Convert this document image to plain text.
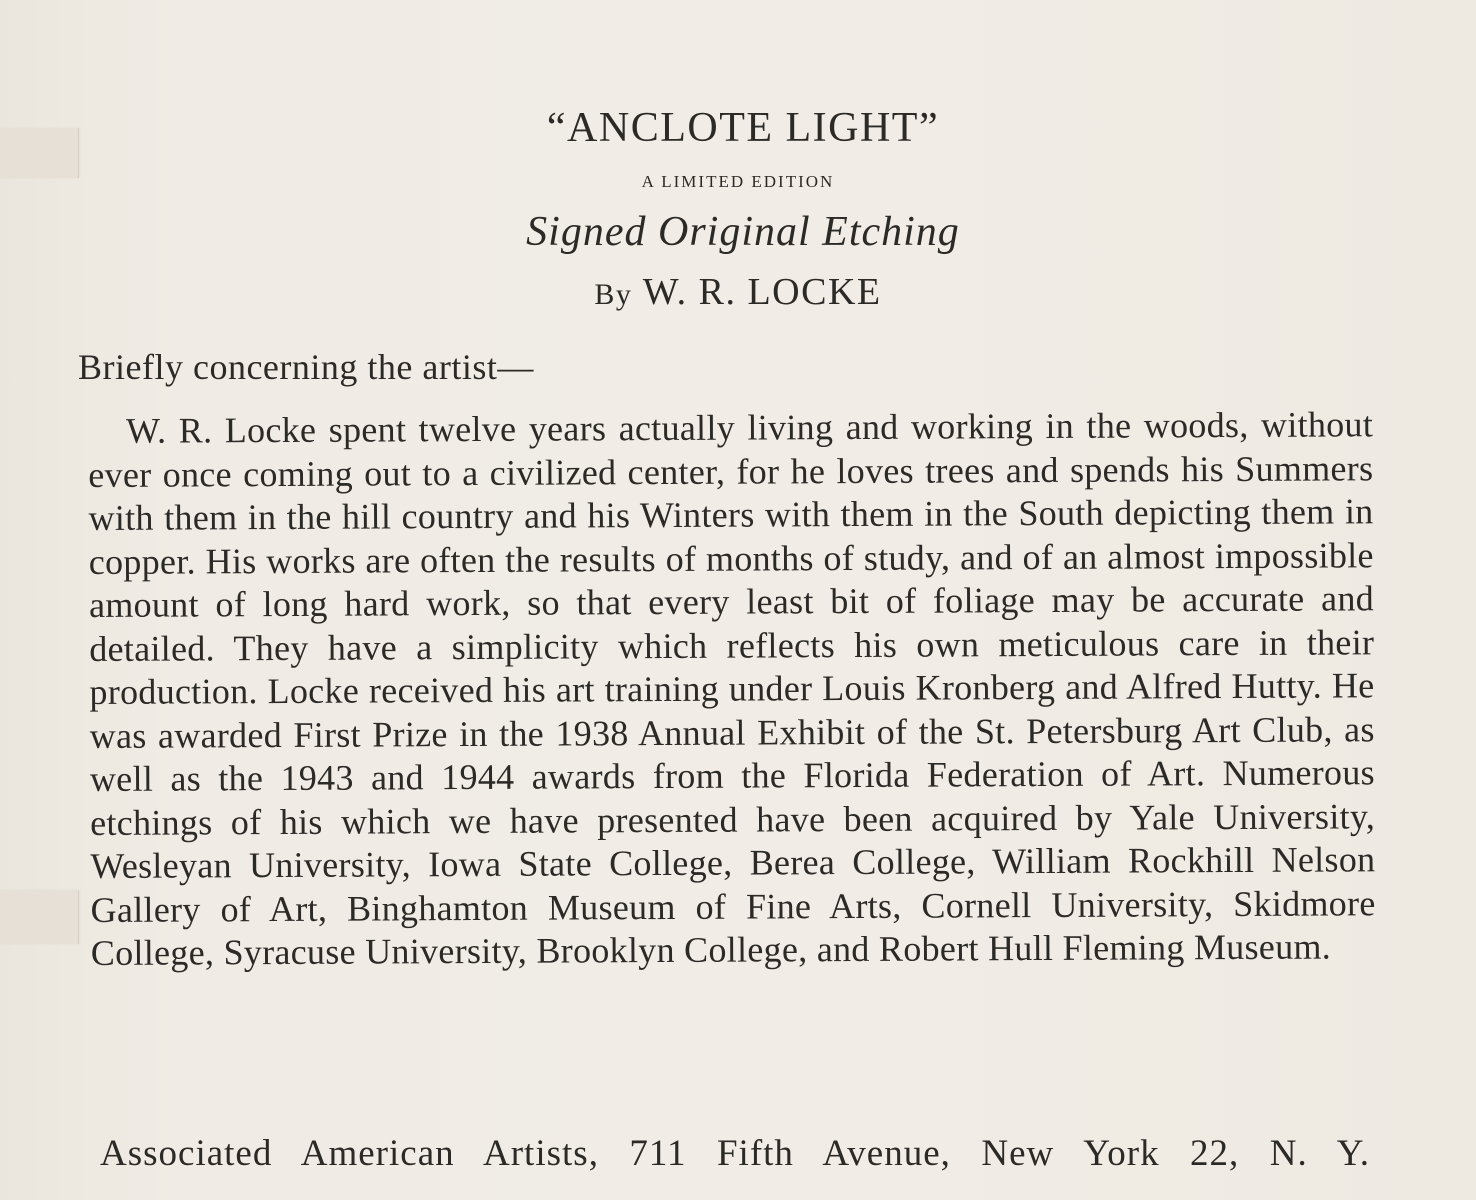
“ANCLOTE LIGHT”
A LIMITED EDITION
Signed Original Etching
By W. R. LOCKE
Briefly concerning the artist—
W. R. Locke spent twelve years actually living and working in the woods, without ever once coming out to a civilized center, for he loves trees and spends his Summers with them in the hill country and his Winters with them in the South depicting them in copper. His works are often the results of months of study, and of an almost impossible amount of long hard work, so that every least bit of foliage may be accurate and detailed. They have a simplicity which reflects his own meticulous care in their production. Locke received his art training under Louis Kronberg and Alfred Hutty. He was awarded First Prize in the 1938 Annual Exhibit of the St. Petersburg Art Club, as well as the 1943 and 1944 awards from the Florida Federation of Art. Numerous etchings of his which we have presented have been acquired by Yale University, Wesleyan University, Iowa State College, Berea College, William Rockhill Nelson Gallery of Art, Binghamton Museum of Fine Arts, Cornell University, Skidmore College, Syracuse University, Brooklyn College, and Robert Hull Fleming Museum.
Associated American Artists, 711 Fifth Avenue, New York 22, N. Y.
